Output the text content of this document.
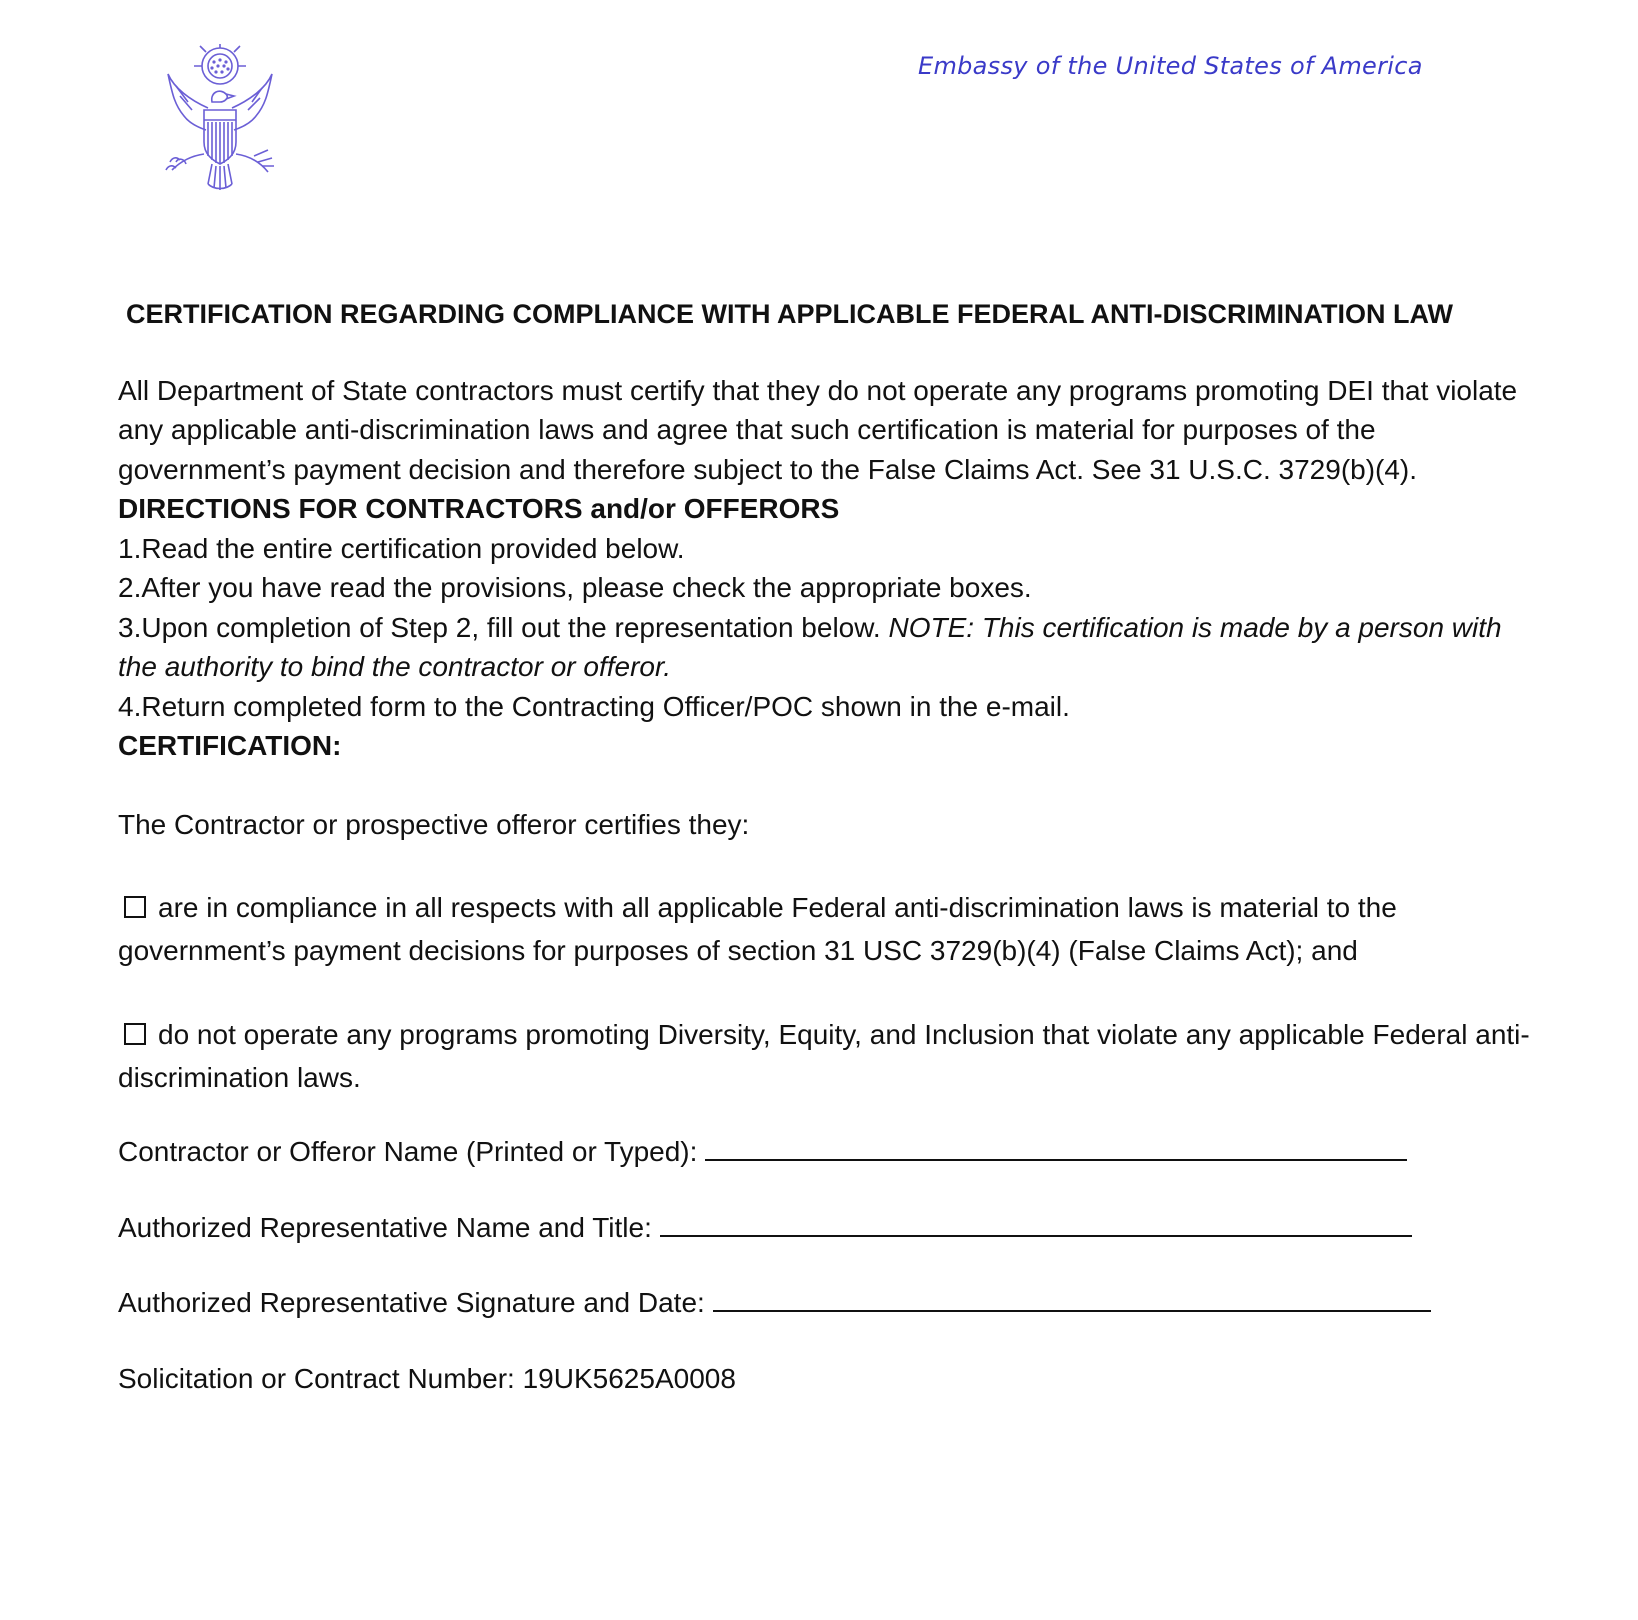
Embassy of the United States of America
CERTIFICATION REGARDING COMPLIANCE WITH APPLICABLE FEDERAL ANTI-DISCRIMINATION LAW

All Department of State contractors must certify that they do not operate any programs promoting DEI that violate any applicable anti-discrimination laws and agree that such certification is material for purposes of the government’s payment decision and therefore subject to the False Claims Act. See 31 U.S.C. 3729(b)(4).

DIRECTIONS FOR CONTRACTORS and/or OFFERORS

1.Read the entire certification provided below.
2.After you have read the provisions, please check the appropriate boxes.
3.Upon completion of Step 2, fill out the representation below. NOTE: This certification is made by a person with the authority to bind the contractor or offeror.
4.Return completed form to the Contracting Officer/POC shown in the e-mail.

CERTIFICATION:

The Contractor or prospective offeror certifies they:

are in compliance in all respects with all applicable Federal anti-discrimination laws is material to the government’s payment decisions for purposes of section 31 USC 3729(b)(4) (False Claims Act); and

do not operate any programs promoting Diversity, Equity, and Inclusion that violate any applicable Federal anti-discrimination laws.

Contractor or Offeror Name (Printed or Typed):

Authorized Representative Name and Title:

Authorized Representative Signature and Date:

Solicitation or Contract Number: 19UK5625A0008
